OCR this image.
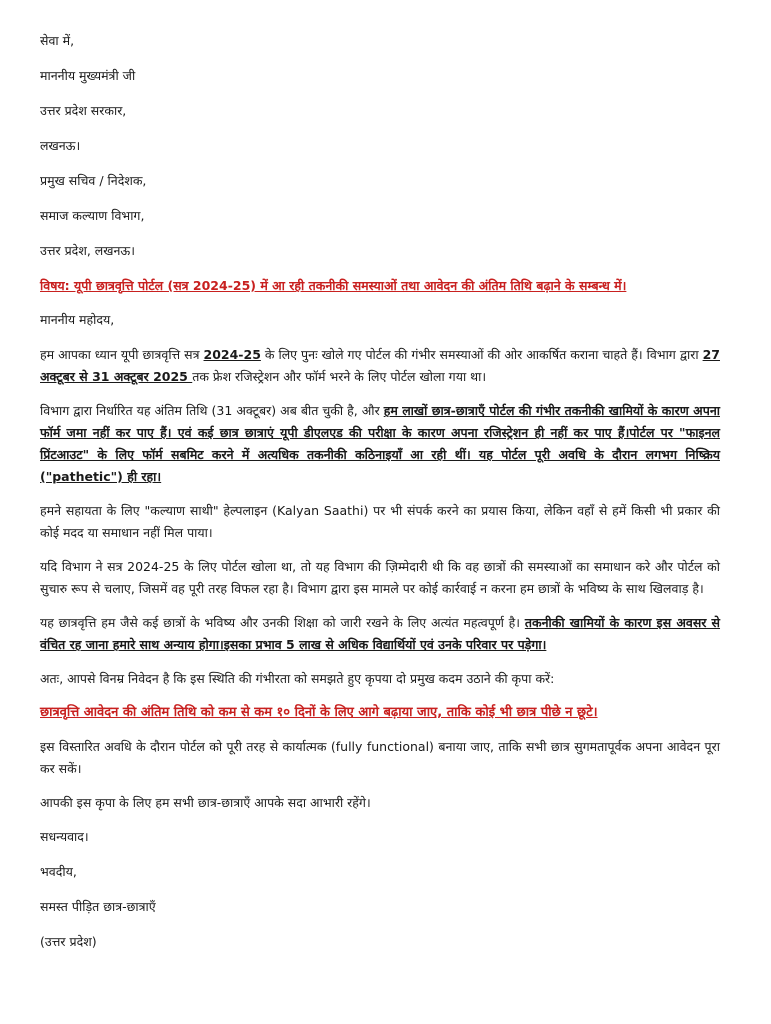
सेवा में,
माननीय मुख्यमंत्री जी
उत्तर प्रदेश सरकार,
लखनऊ।
प्रमुख सचिव / निदेशक,
समाज कल्याण विभाग,
उत्तर प्रदेश, लखनऊ।
विषय: यूपी छात्रवृत्ति पोर्टल (सत्र 2024-25) में आ रही तकनीकी समस्याओं तथा आवेदन की अंतिम तिथि बढ़ाने के सम्बन्ध में।
माननीय महोदय,

हम आपका ध्यान यूपी छात्रवृत्ति सत्र 2024-25 के लिए पुनः खोले गए पोर्टल की गंभीर समस्याओं की ओर आकर्षित कराना चाहते हैं। विभाग द्वारा 27 अक्टूबर से 31 अक्टूबर 2025 तक फ्रेश रजिस्ट्रेशन और फॉर्म भरने के लिए पोर्टल खोला गया था।

विभाग द्वारा निर्धारित यह अंतिम तिथि (31 अक्टूबर) अब बीत चुकी है, और हम लाखों छात्र-छात्राएँ पोर्टल की गंभीर तकनीकी खामियों के कारण अपना फॉर्म जमा नहीं कर पाए हैं। एवं कई छात्र छात्राएं यूपी डीएलएड की परीक्षा के कारण अपना रजिस्ट्रेशन ही नहीं कर पाए हैं।पोर्टल पर "फाइनल प्रिंटआउट" के लिए फॉर्म सबमिट करने में अत्यधिक तकनीकी कठिनाइयाँ आ रही थीं। यह पोर्टल पूरी अवधि के दौरान लगभग निष्क्रिय ("pathetic") ही रहा।

हमने सहायता के लिए "कल्याण साथी" हेल्पलाइन (Kalyan Saathi) पर भी संपर्क करने का प्रयास किया, लेकिन वहाँ से हमें किसी भी प्रकार की कोई मदद या समाधान नहीं मिल पाया।

यदि विभाग ने सत्र 2024-25 के लिए पोर्टल खोला था, तो यह विभाग की ज़िम्मेदारी थी कि वह छात्रों की समस्याओं का समाधान करे और पोर्टल को सुचारु रूप से चलाए, जिसमें वह पूरी तरह विफल रहा है। विभाग द्वारा इस मामले पर कोई कार्रवाई न करना हम छात्रों के भविष्य के साथ खिलवाड़ है।

यह छात्रवृत्ति हम जैसे कई छात्रों के भविष्य और उनकी शिक्षा को जारी रखने के लिए अत्यंत महत्वपूर्ण है। तकनीकी खामियों के कारण इस अवसर से वंचित रह जाना हमारे साथ अन्याय होगा।इसका प्रभाव 5 लाख से अधिक विद्यार्थियों एवं उनके परिवार पर पड़ेगा।

अतः, आपसे विनम्र निवेदन है कि इस स्थिति की गंभीरता को समझते हुए कृपया दो प्रमुख कदम उठाने की कृपा करें:

छात्रवृत्ति आवेदन की अंतिम तिथि को कम से कम १० दिनों के लिए आगे बढ़ाया जाए, ताकि कोई भी छात्र पीछे न छूटे।

इस विस्तारित अवधि के दौरान पोर्टल को पूरी तरह से कार्यात्मक (fully functional) बनाया जाए, ताकि सभी छात्र सुगमतापूर्वक अपना आवेदन पूरा कर सकें।

आपकी इस कृपा के लिए हम सभी छात्र-छात्राएँ आपके सदा आभारी रहेंगे।

सधन्यवाद।
भवदीय,
समस्त पीड़ित छात्र-छात्राएँ
(उत्तर प्रदेश)
